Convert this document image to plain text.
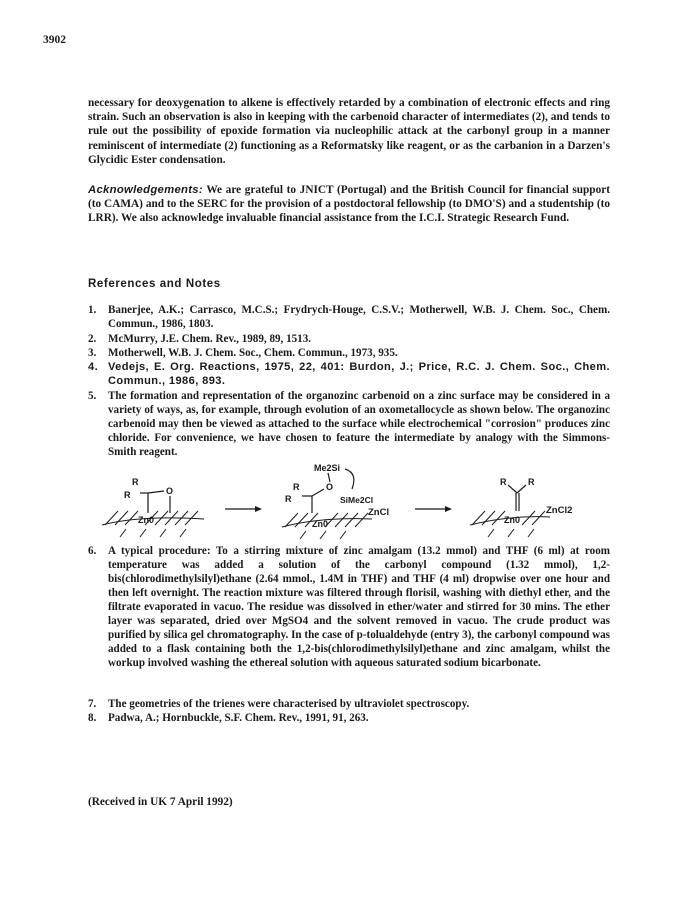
3902
necessary for deoxygenation to alkene is effectively retarded by a combination of electronic effects and ring strain. Such an observation is also in keeping with the carbenoid character of intermediates (2), and tends to rule out the possibility of epoxide formation via nucleophilic attack at the carbonyl group in a manner reminiscent of intermediate (2) functioning as a Reformatsky like reagent, or as the carbanion in a Darzen's Glycidic Ester condensation.
Acknowledgements: We are grateful to JNICT (Portugal) and the British Council for financial support (to CAMA) and to the SERC for the provision of a postdoctoral fellowship (to DMO'S) and a studentship (to LRR). We also acknowledge invaluable financial assistance from the I.C.I. Strategic Research Fund.
References and Notes
1.	Banerjee, A.K.; Carrasco, M.C.S.; Frydrych-Houge, C.S.V.; Motherwell, W.B. J. Chem. Soc., Chem. Commun., 1986, 1803.
2.	McMurry, J.E. Chem. Rev., 1989, 89, 1513.
3.	Motherwell, W.B. J. Chem. Soc., Chem. Commun., 1973, 935.
4. Vedejs, E. Org. Reactions, 1975, 22, 401: Burdon, J.; Price, R.C. J. Chem. Soc., Chem. Commun., 1986, 893.
5.	The formation and representation of the organozinc carbenoid on a zinc surface may be considered in a variety of ways, as, for example, through evolution of an oxometallocycle as shown below. The organozinc carbenoid may then be viewed as attached to the surface while electrochemical "corrosion" produces zinc chloride. For convenience, we have chosen to feature the intermediate by analogy with the Simmons-Smith reagent.
R
R	O
Zn0
Me2Si
R
R
O
SiMe2Cl
ZnCl
Zn0
R R
ZnCl2
Zn0
6.	A typical procedure: To a stirring mixture of zinc amalgam (13.2 mmol) and THF (6 ml) at room temperature was added a solution of the carbonyl compound (1.32 mmol), 1,2-bis(chlorodimethylsilyl)ethane (2.64 mmol., 1.4M in THF) and THF (4 ml) dropwise over one hour and then left overnight. The reaction mixture was filtered through florisil, washing with diethyl ether, and the filtrate evaporated in vacuo. The residue was dissolved in ether/water and stirred for 30 mins. The ether layer was separated, dried over MgSO4 and the solvent removed in vacuo. The crude product was purified by silica gel chromatography. In the case of p-tolualdehyde (entry 3), the carbonyl compound was added to a flask containing both the 1,2-bis(chlorodimethylsilyl)ethane and zinc amalgam, whilst the workup involved washing the ethereal solution with aqueous saturated sodium bicarbonate.
7.	The geometries of the trienes were characterised by ultraviolet spectroscopy.
8.	Padwa, A.; Hornbuckle, S.F. Chem. Rev., 1991, 91, 263.
(Received in UK 7 April 1992)
